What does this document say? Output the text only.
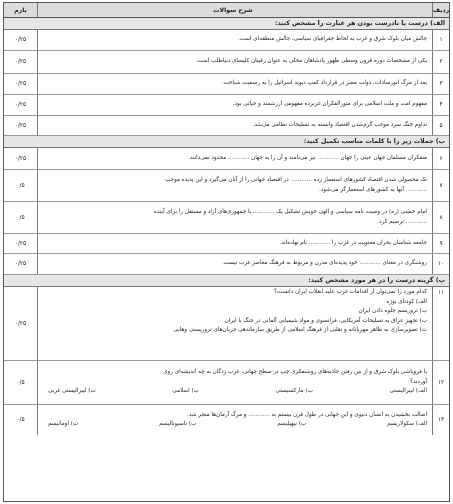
ردیف
شرح سوالات
بارم
الف) درست یا نادرست بودن هر عبارت را مشخص کنید:
۱
جالش میان بلوک شرق و غرب به لحاظ جغرافیای سیاسی، جالش منطقه‌ای است.
۰/۲۵
۲
یکی از مشخصات دوره قرون وسطی ظهور پادشاهان محلی به عنوان رقیبان کلیسای دنیاطلب است.
۰/۲۵
۳
بعد از مرگ انورسادات، دولت مصر در قرارداد کمپ دیوید اسرائیل را به رسمیت شناخت.
۰/۲۵
۴
مفهوم امت و ملت اسلامی برای منورالفکران غربزده مفهومی ارزشمند و حیاتی بود.
۰/۲۵
۵
تداوم جنگ سرد موجب گرم‌شدن اقتصاد وابسته به تسلیحات نظامی می‌شد.
۰/۲۵
ب) جملات زیر را با کلمات مناسب تکمیل کنید:
۶
متفکران مسلمان جهان عینی را جهان ............ نیز می‌نامند و آن را به جهان ............ محدود نمی‌دانند.
۰/۲۵
۷
تک محصولی شدن اقتصاد کشورهای استعمار زده ............ در اقتصاد جهانی را از آنان می‌گیرد و این پدیده موجب
............ آنها به کشورهای استعمارگر می‌شود.
۰/۵
۸
امام خمینی (ره) در وصیت نامه سیاسی و الهی خویش تشکیل یک ............ با جمهوری‌های آزاد و مستقل را برای آینده
............ ترسیم کرد.
۰/۵
۹
جامعه شناسان بحران معنویت در غرب را ............ نام نهاده‌اند.
۰/۲۵
۱۰
روشنگری در معنای ............ خود پدیده‌ای مدرن و مربوط به فرهنگ معاصر غرب نیست.
۰/۲۵
پ) گزینه درست را در هر مورد مشخص کنید:
۱۱
کدام مورد را نمی‌توان از اقدامات غرب علیه انقلاب ایران دانست؟
الف) کودتای نوژه
ب) تروریسم جلوه دادن ایران
ب) تجهیز عراق به تسلیحات آمریکایی، فرانسوی و مواد شیمیایی آلمانی در جنگ با ایران
ت) تصویرسازی به ظاهر مهربانانه و نقلبی از فرهنگ اسلامی از طریق سازماندهی جریان‌های تروریستی وهابی
۰/۲۵
۱۲
با فروپاشی بلوک شرق و از بین رفتن جاذبه‌های روشنفکری چپ در سطح جهانی، غرب زدگان به چه اندیشه‌ای روی
آوردند؟
الف) لیبرالیستی
ب) مارکسیستی
ب) اسلامی
ت) لیبرالیستی غربی
۰/۵
۱۳
اصالت بخشیدن به انسان دنیوی و این جهانی در طول قرن بیستم به ............ و مرگ آرمان‌ها منجر شد.
الف) سکولاریسم
ب) نیهیلیسم
ب) ناسیونالیسم
ت) اومانیسم
۰/۵
